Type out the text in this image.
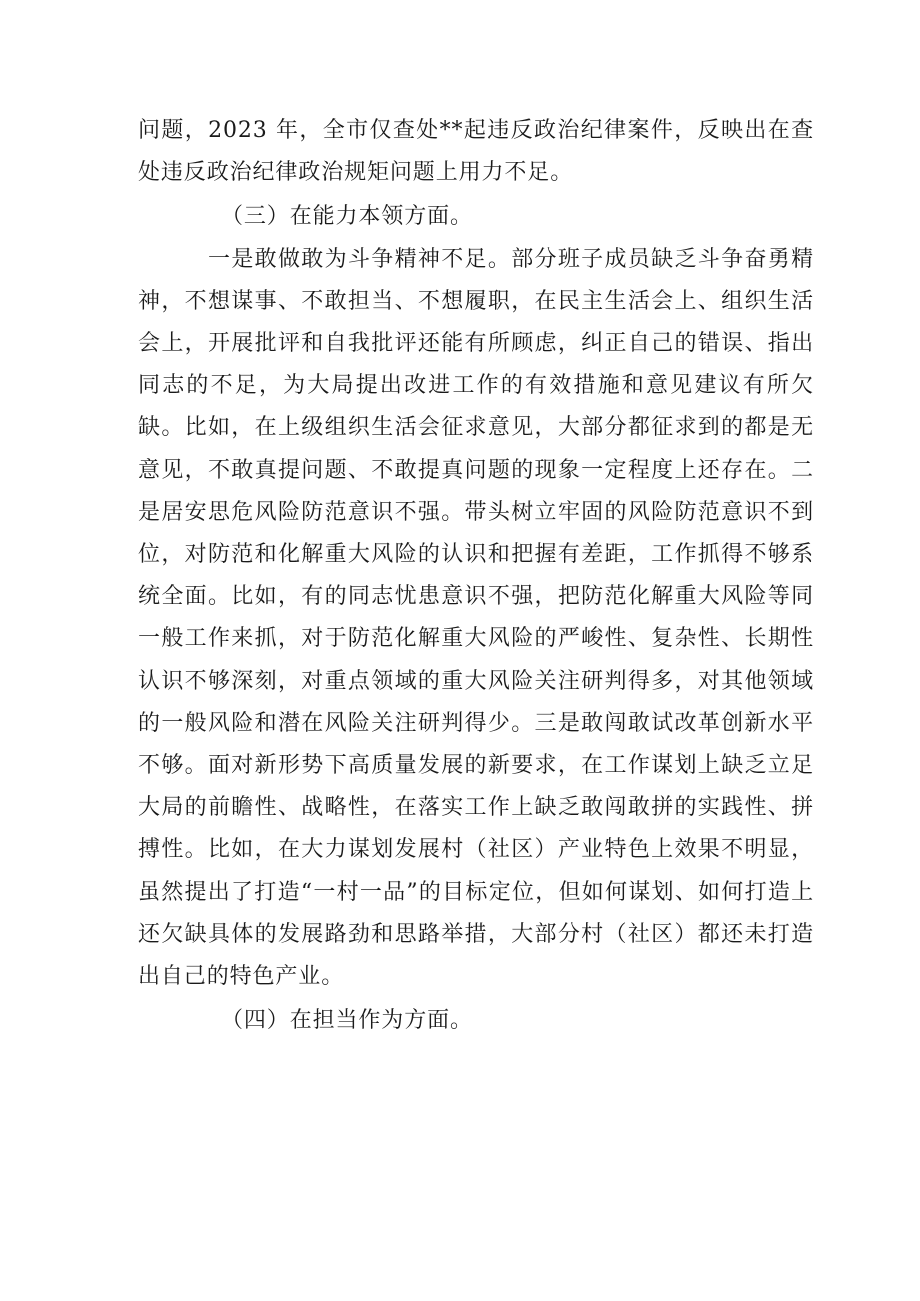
问题，2023 年，全市仅查处**起违反政治纪律案件，反映出在查处违反政治纪律政治规矩问题上用力不足。

（三）在能力本领方面。

一是敢做敢为斗争精神不足。部分班子成员缺乏斗争奋勇精神，不想谋事、不敢担当、不想履职，在民主生活会上、组织生活会上，开展批评和自我批评还能有所顾虑，纠正自己的错误、指出同志的不足，为大局提出改进工作的有效措施和意见建议有所欠缺。比如，在上级组织生活会征求意见，大部分都征求到的都是无意见，不敢真提问题、不敢提真问题的现象一定程度上还存在。二是居安思危风险防范意识不强。带头树立牢固的风险防范意识不到位，对防范和化解重大风险的认识和把握有差距，工作抓得不够系统全面。比如，有的同志忧患意识不强，把防范化解重大风险等同一般工作来抓，对于防范化解重大风险的严峻性、复杂性、长期性认识不够深刻，对重点领域的重大风险关注研判得多，对其他领域的一般风险和潜在风险关注研判得少。三是敢闯敢试改革创新水平不够。面对新形势下高质量发展的新要求，在工作谋划上缺乏立足大局的前瞻性、战略性，在落实工作上缺乏敢闯敢拼的实践性、拼搏性。比如，在大力谋划发展村（社区）产业特色上效果不明显，虽然提出了打造“一村一品”的目标定位，但如何谋划、如何打造上还欠缺具体的发展路劲和思路举措，大部分村（社区）都还未打造出自己的特色产业。

（四）在担当作为方面。
